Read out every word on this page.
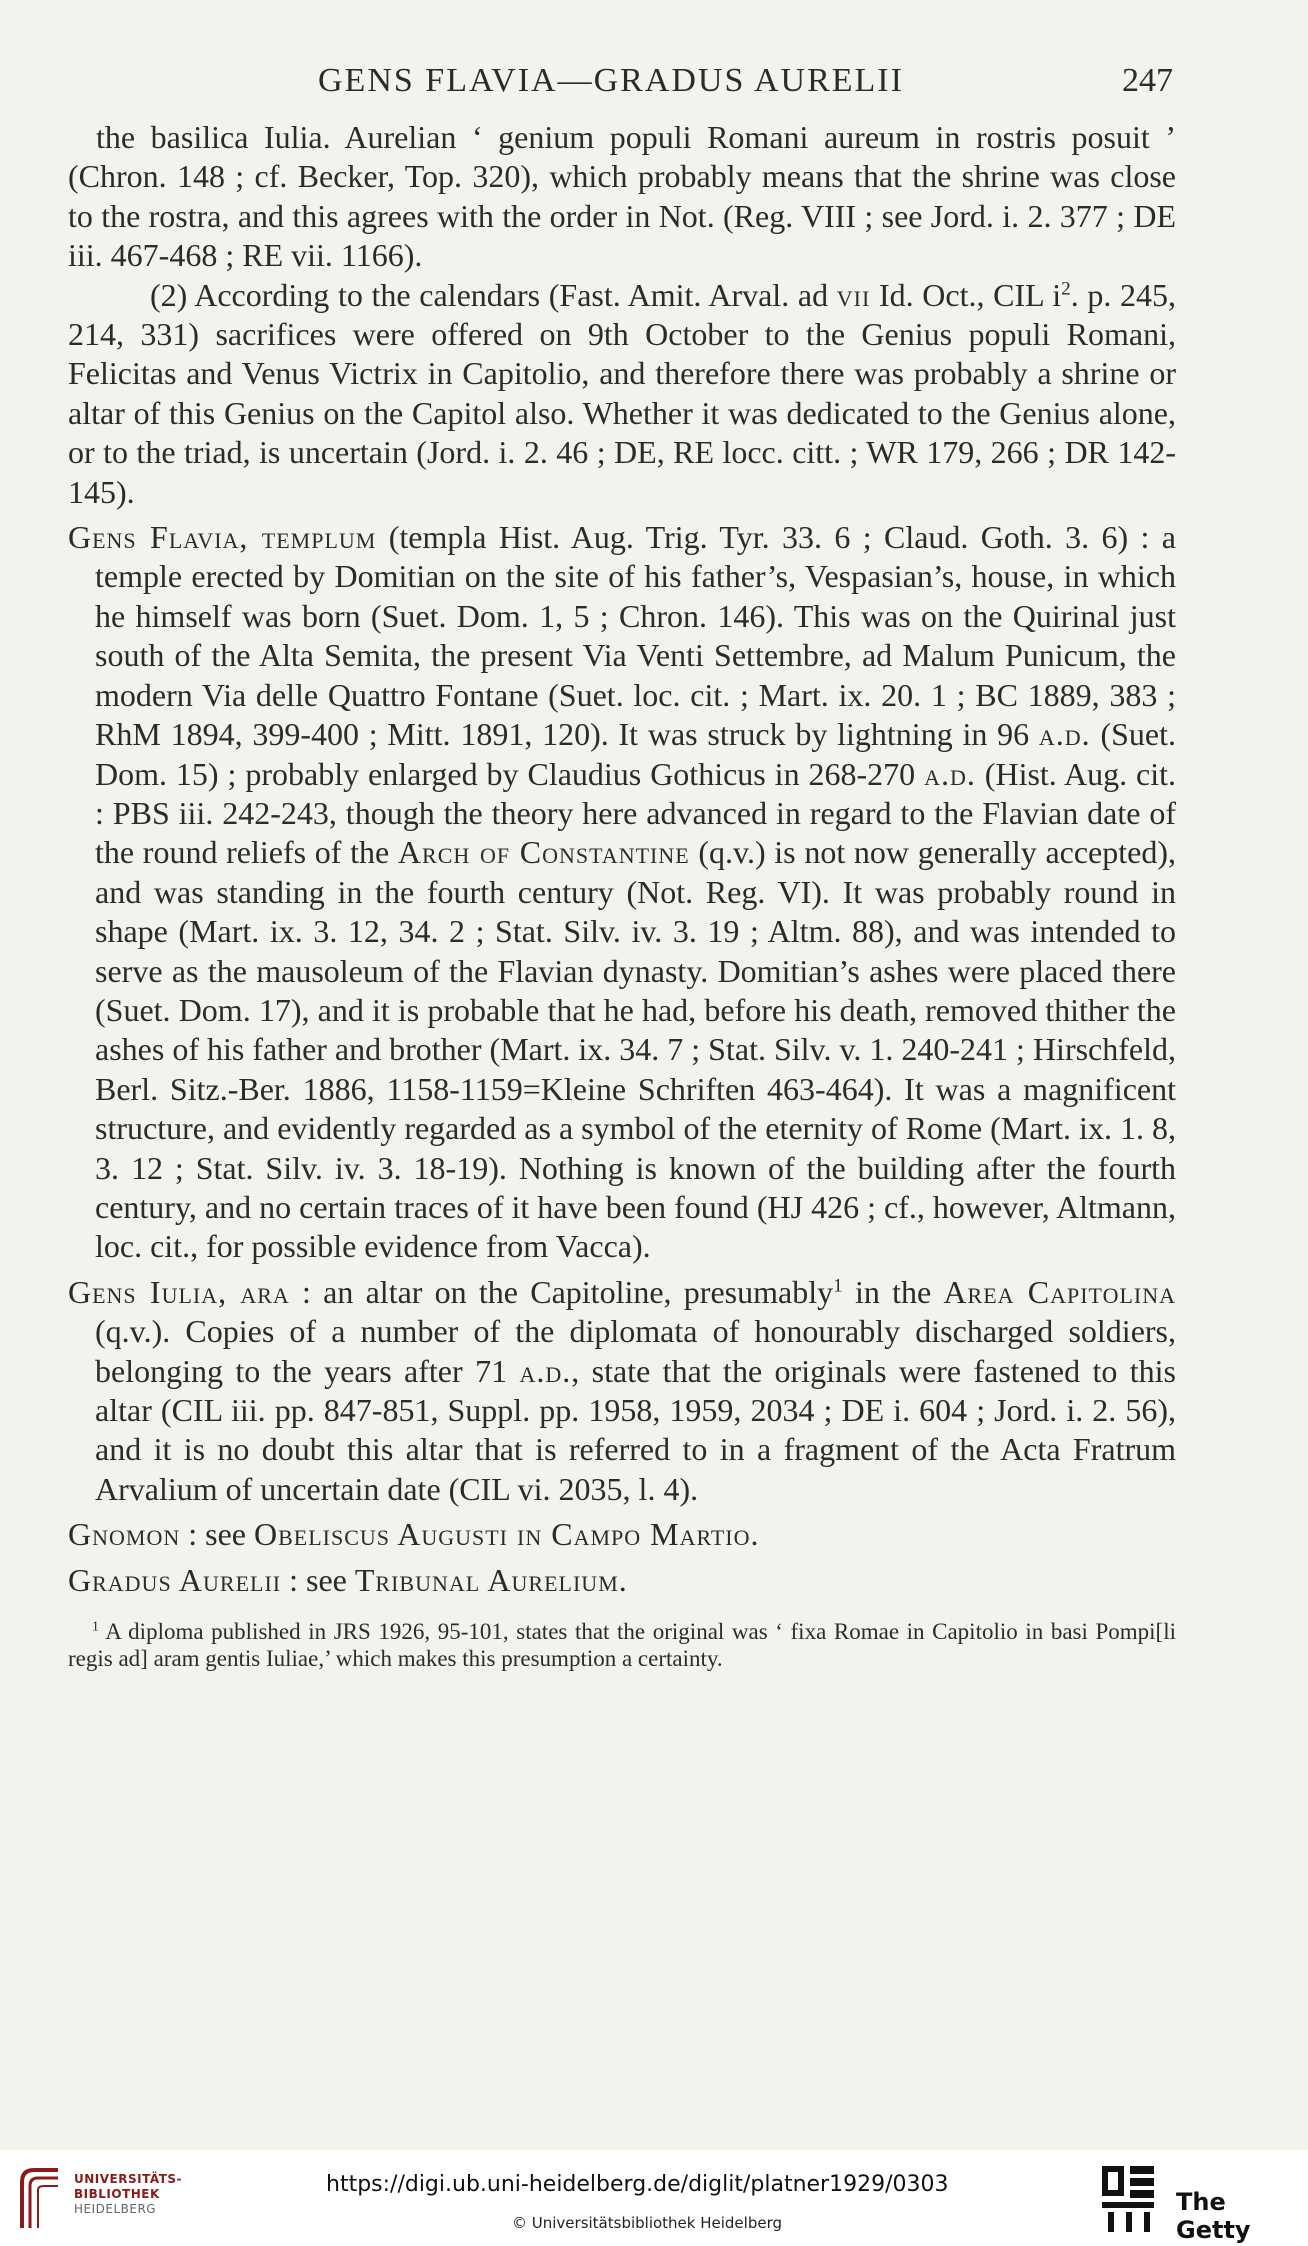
GENS FLAVIA—GRADUS AURELII	247

the basilica Iulia. Aurelian ‘ genium populi Romani aureum in rostris posuit ’ (Chron. 148 ; cf. Becker, Top. 320), which probably means that the shrine was close to the rostra, and this agrees with the order in Not. (Reg. VIII ; see Jord. i. 2. 377 ; DE iii. 467-468 ; RE vii. 1166).

(2) According to the calendars (Fast. Amit. Arval. ad vii Id. Oct., CIL $i^2$. p. 245, 214, 331) sacrifices were offered on 9th October to the Genius populi Romani, Felicitas and Venus Victrix in Capitolio, and therefore there was probably a shrine or altar of this Genius on the Capitol also. Whether it was dedicated to the Genius alone, or to the triad, is uncertain (Jord. i. 2. 46 ; DE, RE locc. citt. ; WR 179, 266 ; DR 142-145).

Gens Flavia, templum (templa Hist. Aug. Trig. Tyr. 33. 6 ; Claud. Goth. 3. 6) : a temple erected by Domitian on the site of his father’s, Vespasian’s, house, in which he himself was born (Suet. Dom. 1, 5 ; Chron. 146). This was on the Quirinal just south of the Alta Semita, the present Via Venti Settembre, ad Malum Punicum, the modern Via delle Quattro Fontane (Suet. loc. cit. ; Mart. ix. 20. 1 ; BC 1889, 383 ; RhM 1894, 399-400 ; Mitt. 1891, 120). It was struck by lightning in 96 a.d. (Suet. Dom. 15) ; probably enlarged by Claudius Gothicus in 268-270 a.d. (Hist. Aug. cit. : PBS iii. 242-243, though the theory here advanced in regard to the Flavian date of the round reliefs of the Arch of Constantine (q.v.) is not now generally accepted), and was standing in the fourth century (Not. Reg. VI). It was probably round in shape (Mart. ix. 3. 12, 34. 2 ; Stat. Silv. iv. 3. 19 ; Altm. 88), and was intended to serve as the mausoleum of the Flavian dynasty. Domitian’s ashes were placed there (Suet. Dom. 17), and it is probable that he had, before his death, removed thither the ashes of his father and brother (Mart. ix. 34. 7 ; Stat. Silv. v. 1. 240-241 ; Hirschfeld, Berl. Sitz.-Ber. 1886, 1158-1159=Kleine Schriften 463-464). It was a magnificent structure, and evidently regarded as a symbol of the eternity of Rome (Mart. ix. 1. 8, 3. 12 ; Stat. Silv. iv. 3. 18-19). Nothing is known of the building after the fourth century, and no certain traces of it have been found (HJ 426 ; cf., however, Altmann, loc. cit., for possible evidence from Vacca).

Gens Iulia, ara : an altar on the Capitoline, presumably$^1$ in the Area Capitolina (q.v.). Copies of a number of the diplomata of honourably discharged soldiers, belonging to the years after 71 a.d., state that the originals were fastened to this altar (CIL iii. pp. 847-851, Suppl. pp. 1958, 1959, 2034 ; DE i. 604 ; Jord. i. 2. 56), and it is no doubt this altar that is referred to in a fragment of the Acta Fratrum Arvalium of uncertain date (CIL vi. 2035, l. 4).

Gnomon : see Obeliscus Augusti in Campo Martio.

Gradus Aurelii : see Tribunal Aurelium.

$^1$ A diploma published in JRS 1926, 95-101, states that the original was ‘ fixa Romae in Capitolio in basi Pompi[li regis ad] aram gentis Iuliae,’ which makes this presumption a certainty.

UNIVERSITÄTS-
BIBLIOTHEK
HEIDELBERG
https://digi.ub.uni-heidelberg.de/diglit/platner1929/0303
© Universitätsbibliothek Heidelberg
The Getty
